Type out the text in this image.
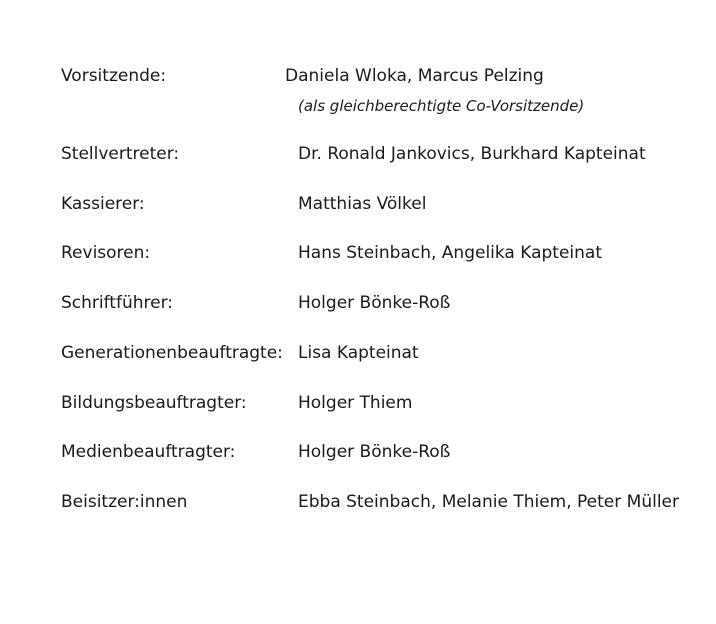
Vorsitzende:	Daniela Wloka, Marcus Pelzing
(als gleichberechtigte Co-Vorsitzende)
Stellvertreter:	Dr. Ronald Jankovics, Burkhard Kapteinat
Kassierer:	Matthias Völkel
Revisoren:	Hans Steinbach, Angelika Kapteinat
Schriftführer:	Holger Bönke-Roß
Generationenbeauftragte: Lisa Kapteinat
Bildungsbeauftragter:	Holger Thiem
Medienbeauftragter:	Holger Bönke-Roß
Beisitzer:innen	Ebba Steinbach, Melanie Thiem, Peter Müller
